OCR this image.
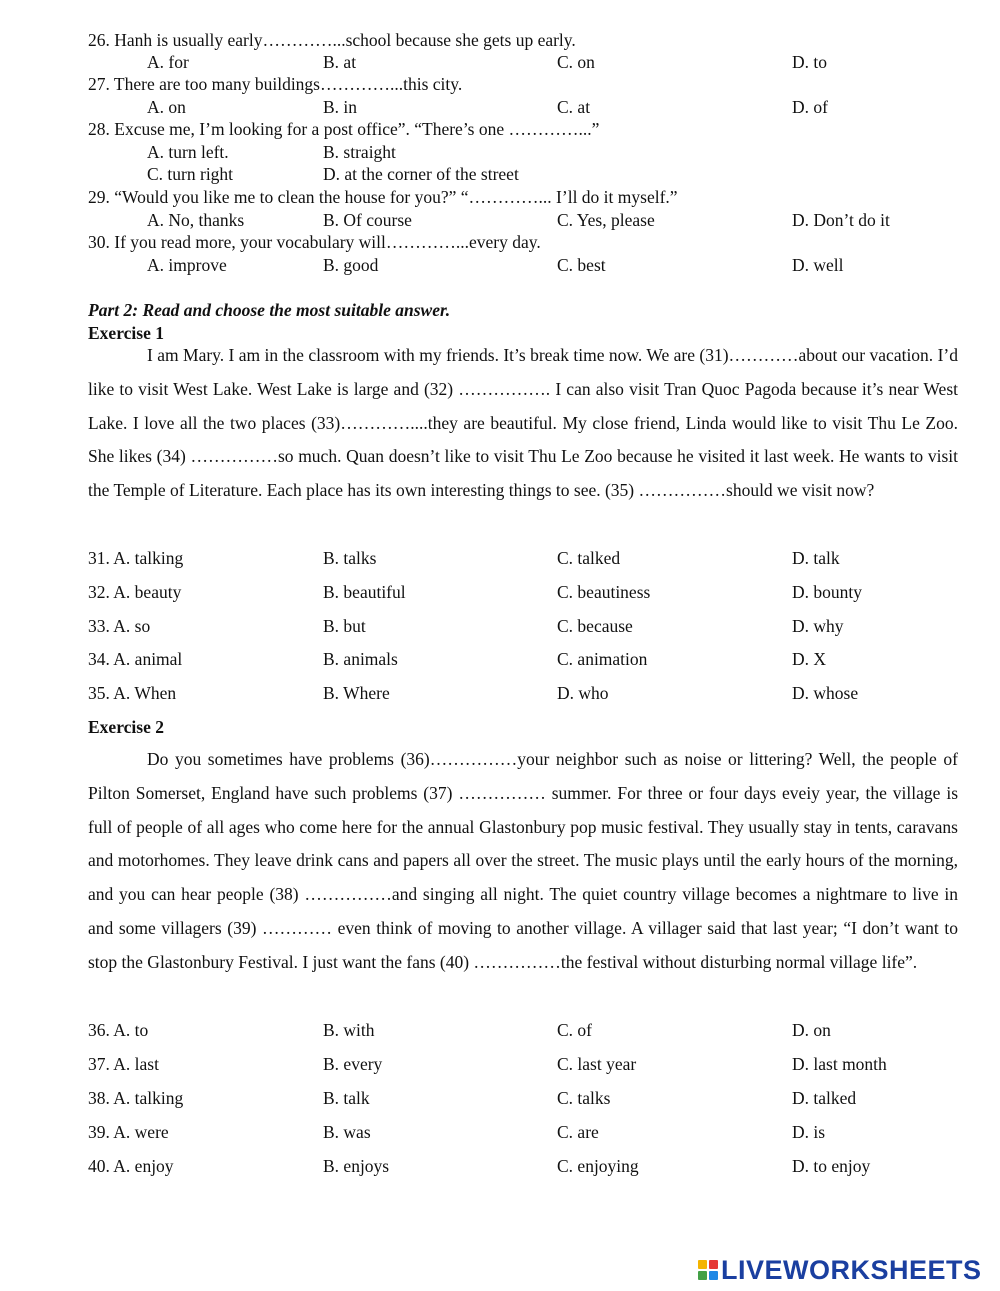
26. Hanh is usually early…………...school because she gets up early.
A. for	B. at	C. on	D. to
27. There are too many buildings…………...this city.
A. on	B. in	C. at	D. of
28. Excuse me, I’m looking for a post office”. “There’s one …………...”
A. turn left.	B. straight
C. turn right	D. at the corner of the street
29. “Would you like me to clean the house for you?” “…………... I’ll do it myself.”
A. No, thanks	B. Of course	C. Yes, please	D. Don’t do it
30. If you read more, your vocabulary will…………...every day.
A. improve	B. good	C. best	D. well
Part 2: Read and choose the most suitable answer.
Exercise 1

I am Mary. I am in the classroom with my friends. It’s break time now. We are (31)…………about our vacation. I’d like to visit West Lake. West Lake is large and (32) ……………. I can also visit Tran Quoc Pagoda because it’s near West Lake. I love all the two places (33)…………....they are beautiful. My close friend, Linda would like to visit Thu Le Zoo. She likes (34) ……………so much. Quan doesn’t like to visit Thu Le Zoo because he visited it last week. He wants to visit the Temple of Literature. Each place has its own interesting things to see. (35) ……………should we visit now?

31. A. talking	B. talks	C. talked	D. talk
32. A. beauty	B. beautiful	C. beautiness	D. bounty
33. A. so	B. but	C. because	D. why
34. A. animal	B. animals	C. animation	D. X
35. A. When	B. Where	D. who	D. whose
Exercise 2

Do you sometimes have problems (36)……………your neighbor such as noise or littering? Well, the people of Pilton Somerset, England have such problems (37) …………… summer. For three or four days eveiy year, the village is full of people of all ages who come here for the annual Glastonbury pop music festival. They usually stay in tents, caravans and motorhomes. They leave drink cans and papers all over the street. The music plays until the early hours of the morning, and you can hear people (38) ……………and singing all night. The quiet country village becomes a nightmare to live in and some villagers (39) ………… even think of moving to another village. A villager said that last year; “I don’t want to stop the Glastonbury Festival. I just want the fans (40) ……………the festival without disturbing normal village life”.

36. A. to	B. with	C. of	D. on
37. A. last	B. every	C. last year	D. last month
38. A. talking	B. talk	C. talks	D. talked
39. A. were	B. was	C. are	D. is
40. A. enjoy	B. enjoys	C. enjoying	D. to enjoy
LIVEWORKSHEETS
